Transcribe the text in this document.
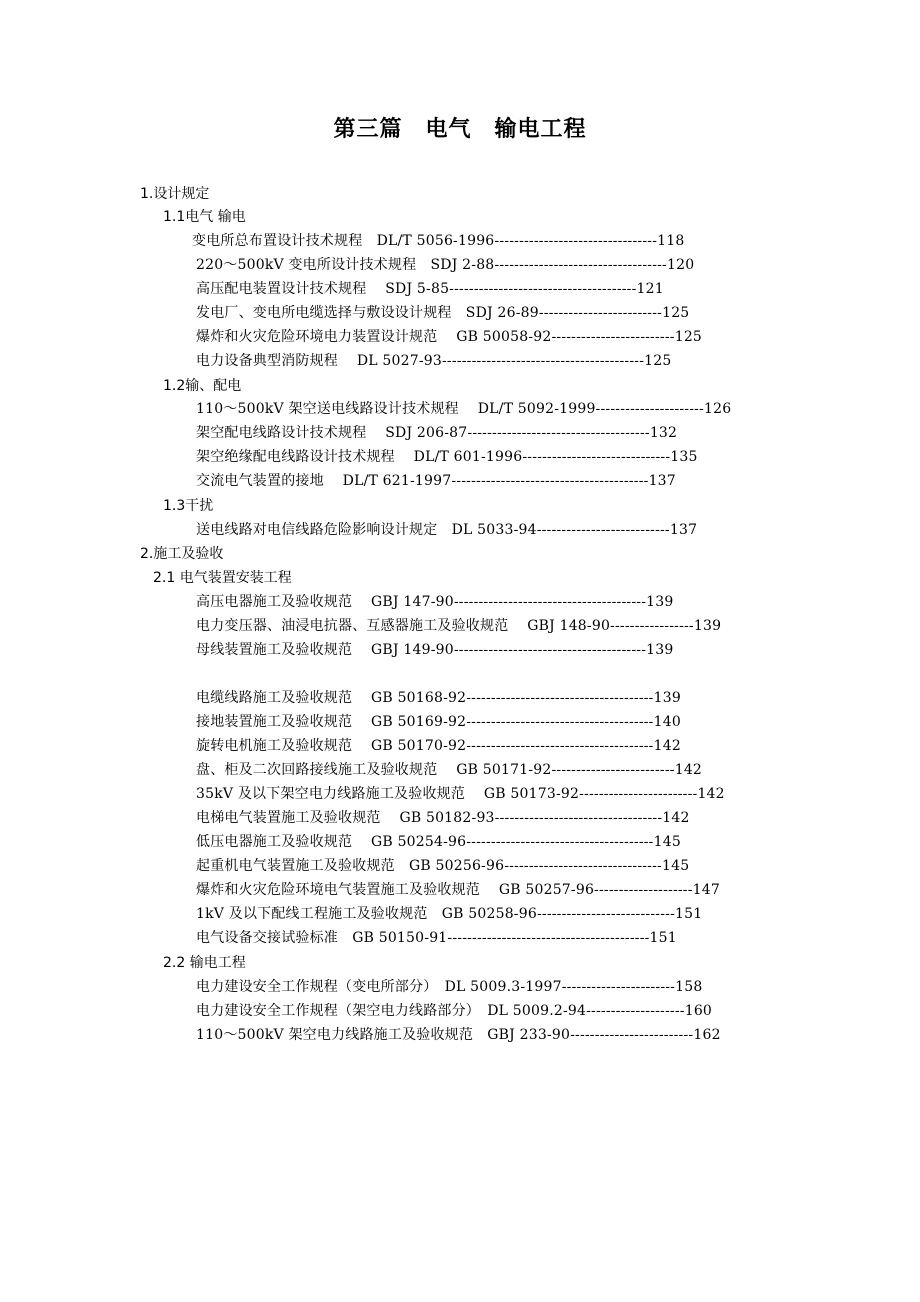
第三篇　电气　输电工程
1.设计规定
1.1电气 输电
变电所总布置设计技术规程　DL/T 5056-1996---------------------------------118
220～500kV 变电所设计技术规程　SDJ 2-88-----------------------------------120
高压配电装置设计技术规程　 SDJ 5-85--------------------------------------121
发电厂、变电所电缆选择与敷设设计规程　SDJ 26-89-------------------------125
爆炸和火灾危险环境电力装置设计规范　 GB 50058-92-------------------------125
电力设备典型消防规程　 DL 5027-93-----------------------------------------125
1.2输、配电
110～500kV 架空送电线路设计技术规程　 DL/T 5092-1999----------------------126
架空配电线路设计技术规程　 SDJ 206-87-------------------------------------132
架空绝缘配电线路设计技术规程　 DL/T 601-1996------------------------------135
交流电气装置的接地　 DL/T 621-1997----------------------------------------137
1.3干扰
送电线路对电信线路危险影响设计规定　DL 5033-94---------------------------137
2.施工及验收
2.1 电气装置安装工程
高压电器施工及验收规范　 GBJ 147-90---------------------------------------139
电力变压器、油浸电抗器、互感器施工及验收规范　 GBJ 148-90-----------------139
母线装置施工及验收规范　 GBJ 149-90---------------------------------------139
电缆线路施工及验收规范　 GB 50168-92--------------------------------------139
接地装置施工及验收规范　 GB 50169-92--------------------------------------140
旋转电机施工及验收规范　 GB 50170-92--------------------------------------142
盘、柜及二次回路接线施工及验收规范　 GB 50171-92-------------------------142
35kV 及以下架空电力线路施工及验收规范　 GB 50173-92------------------------142
电梯电气装置施工及验收规范　 GB 50182-93----------------------------------142
低压电器施工及验收规范　 GB 50254-96--------------------------------------145
起重机电气装置施工及验收规范　GB 50256-96--------------------------------145
爆炸和火灾危险环境电气装置施工及验收规范　 GB 50257-96--------------------147
1kV 及以下配线工程施工及验收规范　GB 50258-96----------------------------151
电气设备交接试验标准　GB 50150-91-----------------------------------------151
2.2 输电工程
电力建设安全工作规程（变电所部分）　DL 5009.3-1997-----------------------158
电力建设安全工作规程（架空电力线路部分）　DL 5009.2-94--------------------160
110～500kV 架空电力线路施工及验收规范　GBJ 233-90-------------------------162
